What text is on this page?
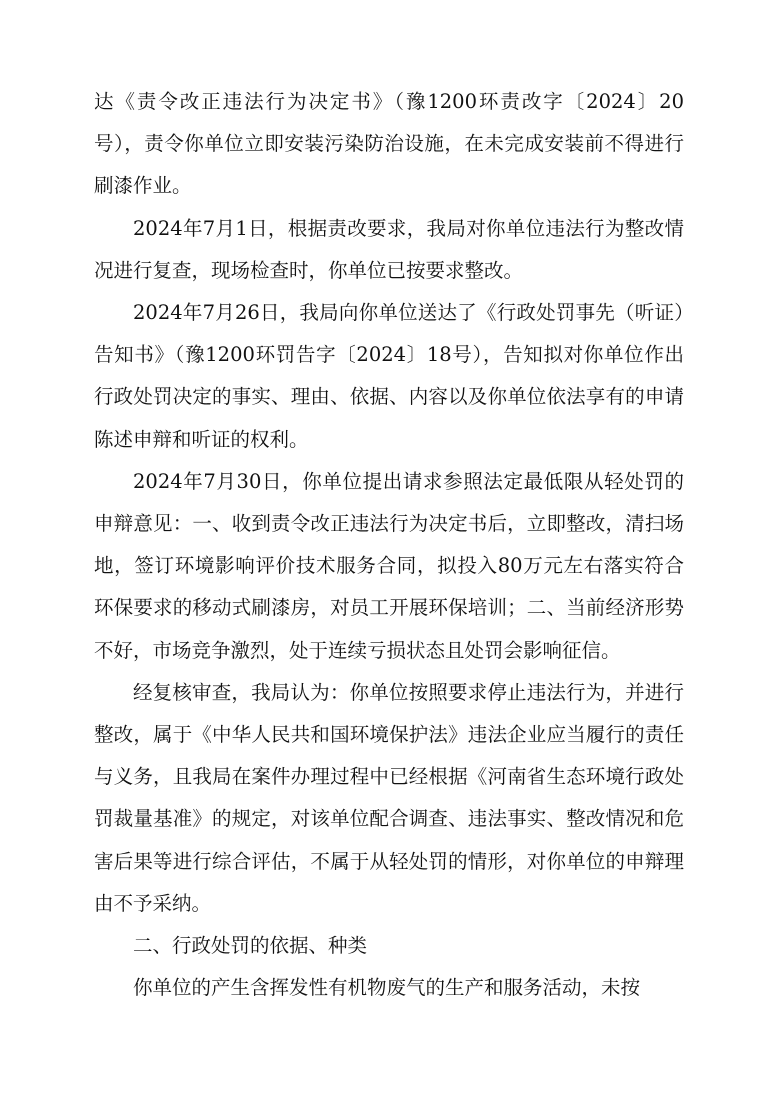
达《责令改正违法行为决定书》（豫1200环责改字〔2024〕20号），责令你单位立即安装污染防治设施，在未完成安装前不得进行刷漆作业。

2024年7月1日，根据责改要求，我局对你单位违法行为整改情况进行复查，现场检查时，你单位已按要求整改。

2024年7月26日，我局向你单位送达了《行政处罚事先（听证）告知书》（豫1200环罚告字〔2024〕18号），告知拟对你单位作出行政处罚决定的事实、理由、依据、内容以及你单位依法享有的申请陈述申辩和听证的权利。

2024年7月30日，你单位提出请求参照法定最低限从轻处罚的申辩意见：一、收到责令改正违法行为决定书后，立即整改，清扫场地，签订环境影响评价技术服务合同，拟投入80万元左右落实符合环保要求的移动式刷漆房，对员工开展环保培训；二、当前经济形势不好，市场竞争激烈，处于连续亏损状态且处罚会影响征信。

经复核审查，我局认为：你单位按照要求停止违法行为，并进行整改，属于《中华人民共和国环境保护法》违法企业应当履行的责任与义务，且我局在案件办理过程中已经根据《河南省生态环境行政处罚裁量基准》的规定，对该单位配合调查、违法事实、整改情况和危害后果等进行综合评估，不属于从轻处罚的情形，对你单位的申辩理由不予采纳。

二、行政处罚的依据、种类

你单位的产生含挥发性有机物废气的生产和服务活动，未按
